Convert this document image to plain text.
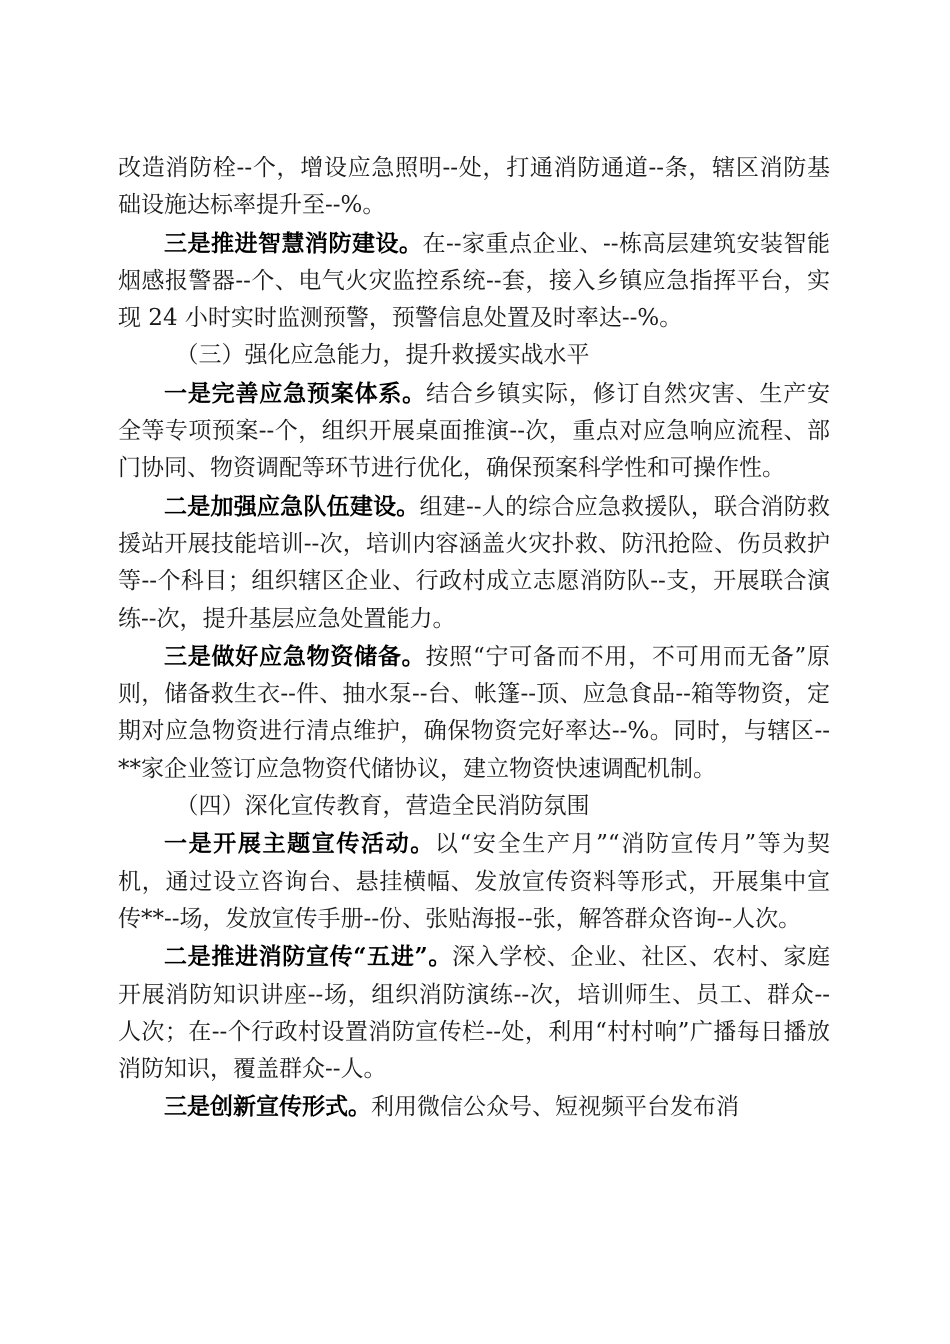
改造消防栓--个，增设应急照明--处，打通消防通道--条，辖区消防基础设施达标率提升至--%。

三是推进智慧消防建设。在--家重点企业、--栋高层建筑安装智能烟感报警器--个、电气火灾监控系统--套，接入乡镇应急指挥平台，实现 24 小时实时监测预警，预警信息处置及时率达--%。

（三）强化应急能力，提升救援实战水平

一是完善应急预案体系。结合乡镇实际，修订自然灾害、生产安全等专项预案--个，组织开展桌面推演--次，重点对应急响应流程、部门协同、物资调配等环节进行优化，确保预案科学性和可操作性。

二是加强应急队伍建设。组建--人的综合应急救援队，联合消防救援站开展技能培训--次，培训内容涵盖火灾扑救、防汛抢险、伤员救护等--个科目；组织辖区企业、行政村成立志愿消防队--支，开展联合演练--次，提升基层应急处置能力。

三是做好应急物资储备。按照“宁可备而不用，不可用而无备”原则，储备救生衣--件、抽水泵--台、帐篷--顶、应急食品--箱等物资，定期对应急物资进行清点维护，确保物资完好率达--%。同时，与辖区--**家企业签订应急物资代储协议，建立物资快速调配机制。

（四）深化宣传教育，营造全民消防氛围

一是开展主题宣传活动。以“安全生产月”“消防宣传月”等为契机，通过设立咨询台、悬挂横幅、发放宣传资料等形式，开展集中宣传**--场，发放宣传手册--份、张贴海报--张，解答群众咨询--人次。

二是推进消防宣传“五进”。深入学校、企业、社区、农村、家庭开展消防知识讲座--场，组织消防演练--次，培训师生、员工、群众--人次；在--个行政村设置消防宣传栏--处，利用“村村响”广播每日播放消防知识，覆盖群众--人。

三是创新宣传形式。利用微信公众号、短视频平台发布消
